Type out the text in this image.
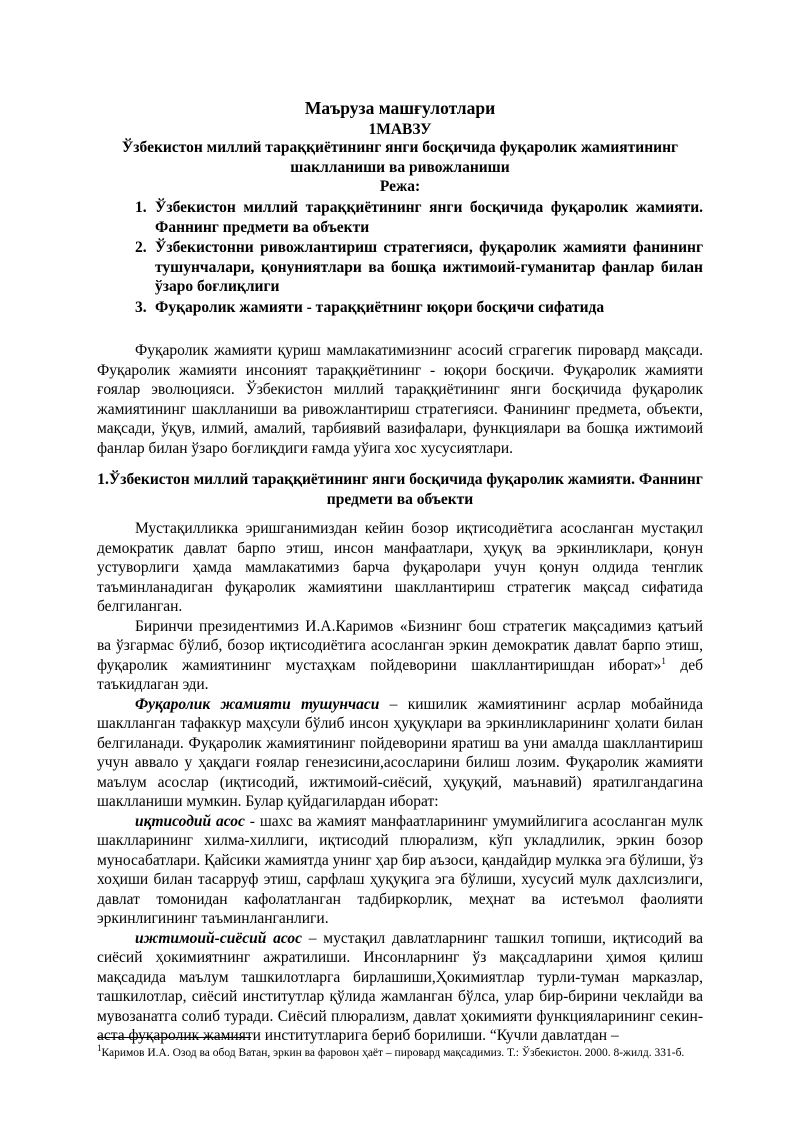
Маъруза машғулотлари
1МАВЗУ
Ўзбекистон миллий тараққиётининг янги босқичида фуқаролик жамиятининг шаклланиши ва ривожланиши
Режа:
1. Ўзбекистон миллий тараққиётининг янги босқичида фуқаролик жамияти. Фаннинг предмети ва объекти
2. Ўзбекистонни ривожлантириш стратегияси, фуқаролик жамияти фанининг тушунчалари, қонуниятлари ва бошқа ижтимоий-гуманитар фанлар билан ўзаро боғлиқлиги
3. Фуқаролик жамияти - тараққиётнинг юқори босқичи сифатида

Фуқаролик жамияти қуриш мамлакатимизнинг асосий сгрaгeгик пировард мақсади. Фуқаролик жамияти инсоният тараққиётининг - юқори босқичи. Фуқаролик жамияти ғоялар эволюцияси. Ўзбекистон миллий тараққиётининг янги босқичида фуқаролик жамиятининг шаклланиши ва ривожлантириш стратегияси. Фанининг предмета, объекти, мақсади, ўқув, илмий, амалий, тарбиявий вазифалари, функциялари ва бошқа ижтимоий фанлар билан ўзаро боғлиқдиги ғамда уўига хос хусусиятлари.

1.Ўзбекистон миллий тараққиётининг янги босқичида фуқаролик жамияти. Фаннинг предмети ва объекти

Мустақилликка эришганимиздан кейин бозор иқтисодиётига асосланган мустақил демократик давлат барпо этиш, инсон манфаатлари, ҳуқуқ ва эркинликлари, қонун устуворлиги ҳамда мамлакатимиз барча фуқаролари учун қонун олдида тенглик таъминланадиган фуқаролик жамиятини шакллантириш стратегик мақсад сифатида белгиланган.

Биринчи президентимиз И.А.Каримов «Бизнинг бош стратегик мақсадимиз қатъий ва ўзгармас бўлиб, бозор иқтисодиётига асосланган эркин демократик давлат барпо этиш, фуқаролик жамиятининг мустаҳкам пойдеворини шакллантиришдан иборат»$^1$ деб таъкидлаган эди.

Фуқаролик жамияти тушунчаси – кишилик жамиятининг асрлар мобайнида шаклланган тафаккур маҳсули бўлиб инсон ҳуқуқлари ва эркинликларининг ҳолати билан белгиланади. Фуқаролик жамиятининг пойдеворини яратиш ва уни амалда шакллантириш учун аввало у ҳақдаги ғоялар генезисини,асосларини билиш лозим. Фуқаролик жамияти маълум асослар (иқтисодий, ижтимоий-сиёсий, ҳуқуқий, маънавий) яратилгандагина шаклланиши мумкин. Булар қуйдагилардан иборат:

иқтисодий асос - шахс ва жамият манфаатларининг умумийлигига асосланган мулк шаклларининг хилма-хиллиги, иқтисодий плюрализм, кўп укладлилик, эркин бозор муносабатлари. Қайсики жамиятда унинг ҳар бир аъзоси, қандайдир мулкка эга бўлиши, ўз хоҳиши билан тасарруф этиш, сарфлаш ҳуқуқига эга бўлиши, хусусий мулк дахлсизлиги, давлат томонидан кафолатланган тадбиркорлик, меҳнат ва истеъмол фаолияти эркинлигининг таъминланганлиги.

ижтимоий-сиёсий асос – мустақил давлатларнинг ташкил топиши, иқтисодий ва сиёсий ҳокимиятнинг ажратилиши. Инсонларнинг ўз мақсадларини ҳимоя қилиш мақсадида маълум ташкилотларга бирлашиши,Ҳокимиятлар турли-туман марказлар, ташкилотлар, сиёсий институтлар қўлида жамланган бўлса, улар бир-бирини чеклайди ва мувозанатга солиб туради. Сиёсий плюрализм, давлат ҳокимияти функцияларининг секин-аста фуқаролик жамияти институтларига бериб борилиши. “Кучли давлатдан –

$^1$Каримов И.А. Озод ва обод Ватан, эркин ва фаровон ҳаёт – пировард мақсадимиз. Т.: Ўзбекистон. 2000. 8-жилд. 331-б.
